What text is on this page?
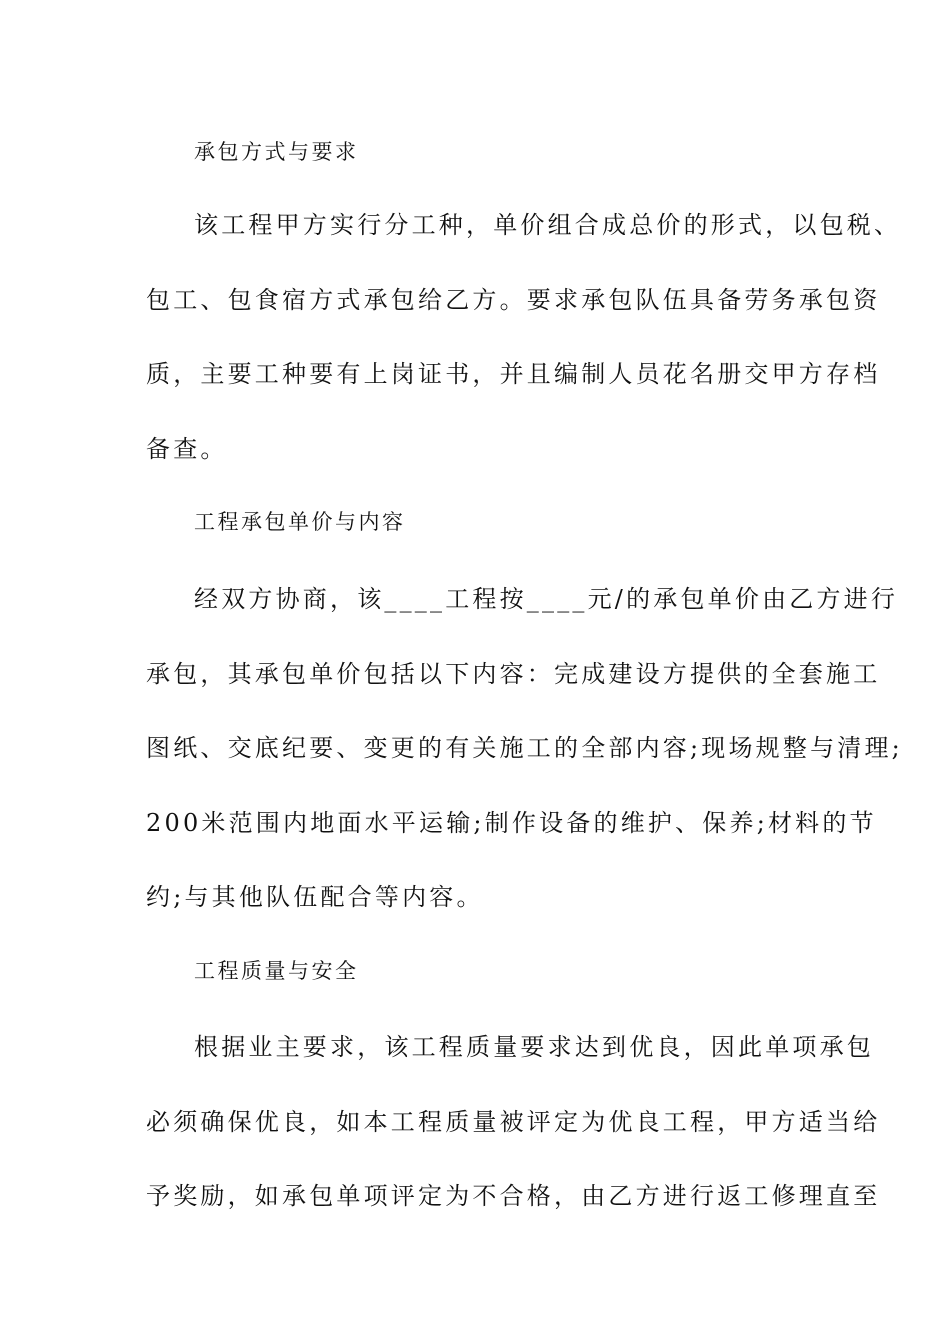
承包方式与要求
该工程甲方实行分工种，单价组合成总价的形式，以包税、
包工、包食宿方式承包给乙方。要求承包队伍具备劳务承包资
质，主要工种要有上岗证书，并且编制人员花名册交甲方存档
备查。
工程承包单价与内容
经双方协商，该____工程按____元/的承包单价由乙方进行
承包，其承包单价包括以下内容：完成建设方提供的全套施工
图纸、交底纪要、变更的有关施工的全部内容;现场规整与清理;
200米范围内地面水平运输;制作设备的维护、保养;材料的节
约;与其他队伍配合等内容。
工程质量与安全
根据业主要求，该工程质量要求达到优良，因此单项承包
必须确保优良，如本工程质量被评定为优良工程，甲方适当给
予奖励，如承包单项评定为不合格，由乙方进行返工修理直至
